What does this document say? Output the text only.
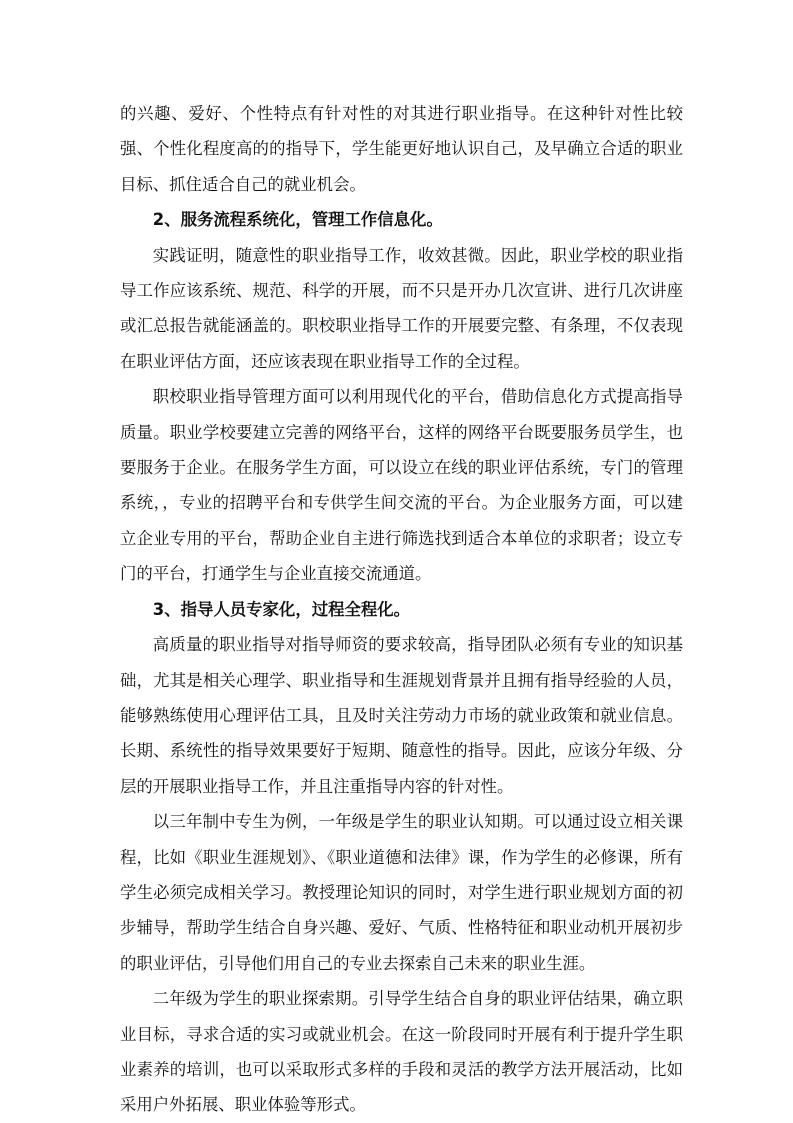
的兴趣、爱好、个性特点有针对性的对其进行职业指导。在这种针对性比较强、个性化程度高的的指导下，学生能更好地认识自己，及早确立合适的职业目标、抓住适合自己的就业机会。

2、服务流程系统化，管理工作信息化。

实践证明，随意性的职业指导工作，收效甚微。因此，职业学校的职业指导工作应该系统、规范、科学的开展，而不只是开办几次宣讲、进行几次讲座或汇总报告就能涵盖的。职校职业指导工作的开展要完整、有条理，不仅表现在职业评估方面，还应该表现在职业指导工作的全过程。

职校职业指导管理方面可以利用现代化的平台，借助信息化方式提高指导质量。职业学校要建立完善的网络平台，这样的网络平台既要服务员学生，也要服务于企业。在服务学生方面，可以设立在线的职业评估系统，专门的管理系统，，专业的招聘平台和专供学生间交流的平台。为企业服务方面，可以建立企业专用的平台，帮助企业自主进行筛选找到适合本单位的求职者；设立专门的平台，打通学生与企业直接交流通道。

3、指导人员专家化，过程全程化。

高质量的职业指导对指导师资的要求较高，指导团队必须有专业的知识基础，尤其是相关心理学、职业指导和生涯规划背景并且拥有指导经验的人员，能够熟练使用心理评估工具，且及时关注劳动力市场的就业政策和就业信息。长期、系统性的指导效果要好于短期、随意性的指导。因此，应该分年级、分层的开展职业指导工作，并且注重指导内容的针对性。

以三年制中专生为例，一年级是学生的职业认知期。可以通过设立相关课程，比如《职业生涯规划》、《职业道德和法律》课，作为学生的必修课，所有学生必须完成相关学习。教授理论知识的同时，对学生进行职业规划方面的初步辅导，帮助学生结合自身兴趣、爱好、气质、性格特征和职业动机开展初步的职业评估，引导他们用自己的专业去探索自己未来的职业生涯。

二年级为学生的职业探索期。引导学生结合自身的职业评估结果，确立职业目标，寻求合适的实习或就业机会。在这一阶段同时开展有利于提升学生职业素养的培训，也可以采取形式多样的手段和灵活的教学方法开展活动，比如采用户外拓展、职业体验等形式。
